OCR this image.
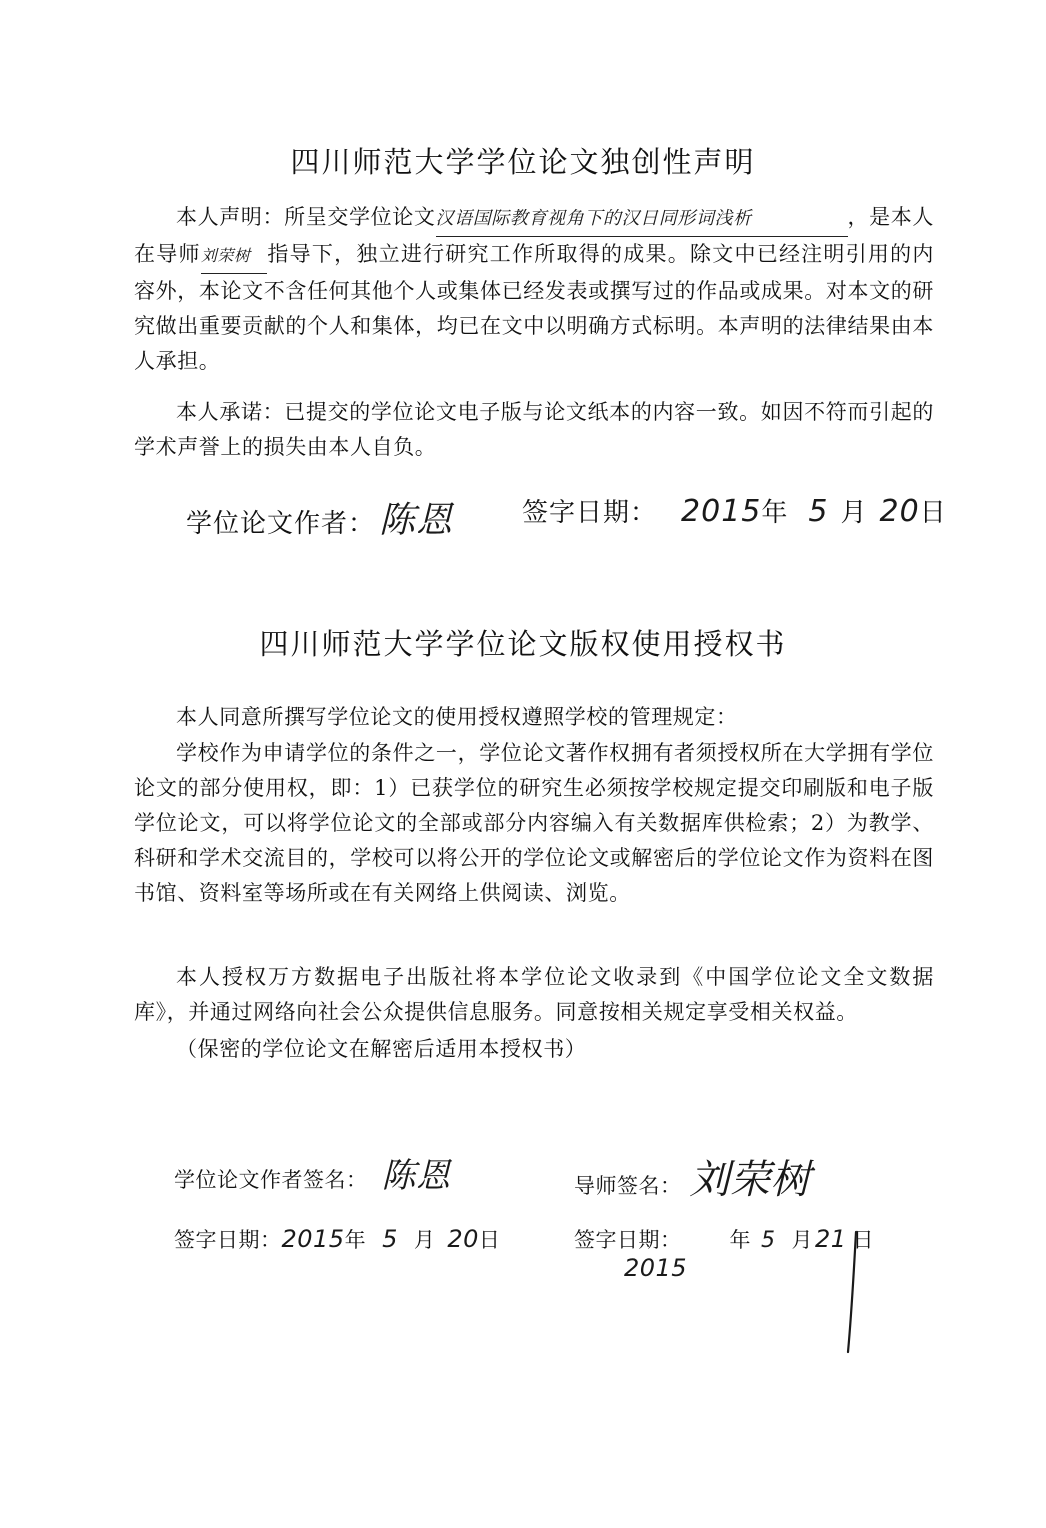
四川师范大学学位论文独创性声明
本人声明：所呈交学位论文汉语国际教育视角下的汉日同形词浅析	，是本人在导师刘荣树 指导下，独立进行研究工作所取得的成果。除文中已经注明引用的内容外，本论文不含任何其他个人或集体已经发表或撰写过的作品或成果。对本文的研究做出重要贡献的个人和集体，均已在文中以明确方式标明。本声明的法律结果由本人承担。
本人承诺：已提交的学位论文电子版与论文纸本的内容一致。如因不符而引起的学术声誉上的损失由本人自负。
学位论文作者： 陈恩	签字日期： 2015年 5 月 20日
四川师范大学学位论文版权使用授权书
本人同意所撰写学位论文的使用授权遵照学校的管理规定：
学校作为申请学位的条件之一，学位论文著作权拥有者须授权所在大学拥有学位论文的部分使用权，即：1）已获学位的研究生必须按学校规定提交印刷版和电子版学位论文，可以将学位论文的全部或部分内容编入有关数据库供检索；2）为教学、科研和学术交流目的，学校可以将公开的学位论文或解密后的学位论文作为资料在图书馆、资料室等场所或在有关网络上供阅读、浏览。
本人授权万方数据电子出版社将本学位论文收录到《中国学位论文全文数据库》，并通过网络向社会公众提供信息服务。同意按相关规定享受相关权益。
（保密的学位论文在解密后适用本授权书）
学位论文作者签名： 陈恩	导师签名： 刘荣树
签字日期：2015年 5 月 20日	签字日期： 年 5 月21 日
2015
